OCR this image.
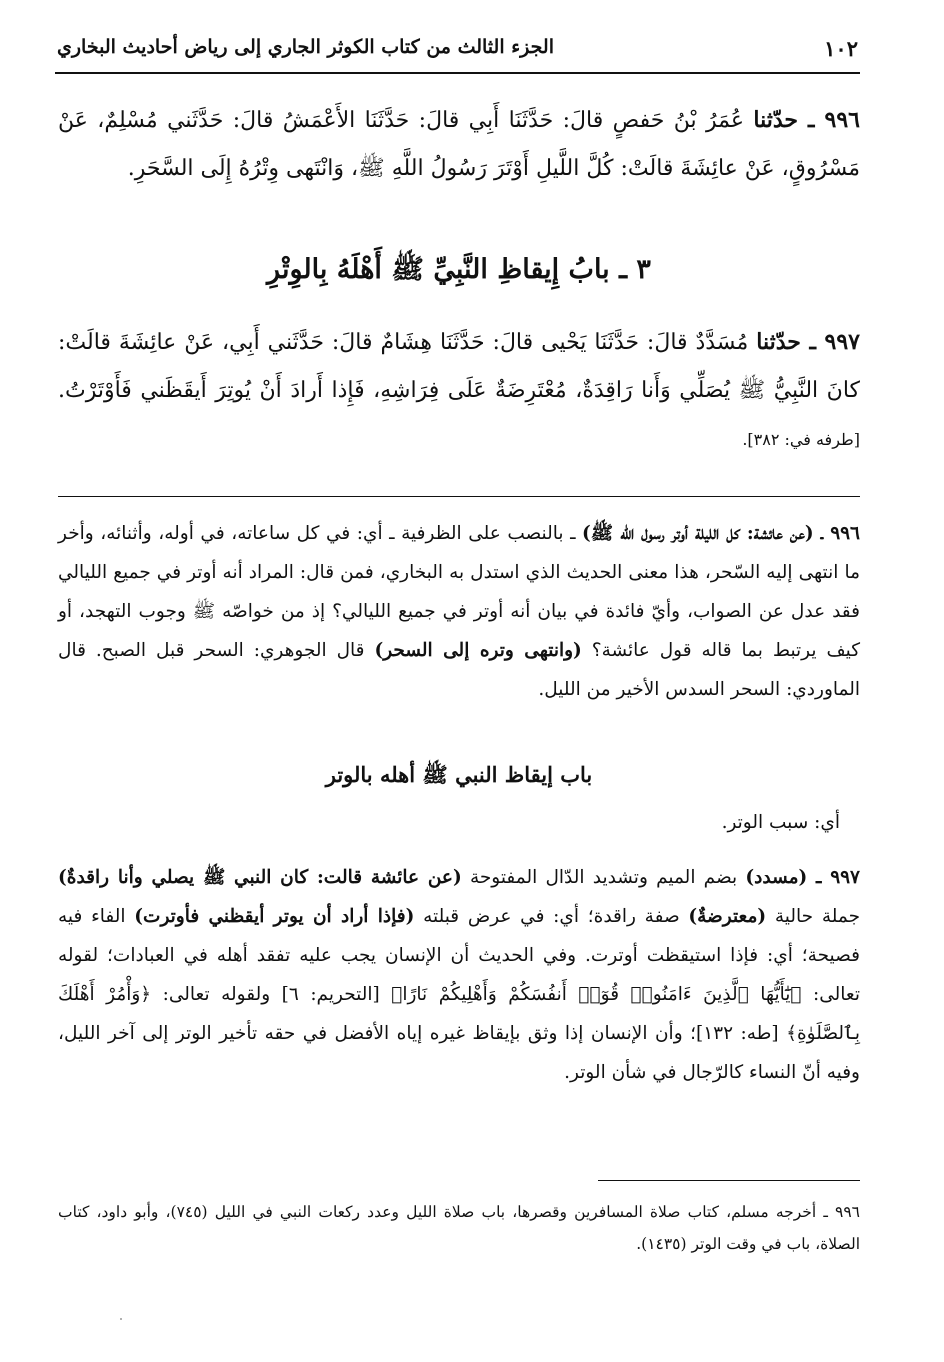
١٠٢
الجزء الثالث من كتاب الكوثر الجاري إلى رياض أحاديث البخاري
٩٩٦ ـ حدّثنا عُمَرُ بْنُ حَفصٍ قالَ: حَدَّثَنَا أَبِي قالَ: حَدَّثَنَا الأَعْمَشُ قالَ: حَدَّثَني مُسْلِمٌ، عَنْ مَسْرُوقٍ، عَنْ عائِشَةَ قالَتْ: كُلَّ اللَّيلِ أَوْتَرَ رَسُولُ اللَّهِ ﷺ، وَانْتَهى وِتْرُهُ إِلَى السَّحَرِ.
٣ ـ بابُ إِيقاظِ النَّبِيِّ ﷺ أَهْلَهُ بِالوِتْرِ
٩٩٧ ـ حدّثنا مُسَدَّدٌ قالَ: حَدَّثَنَا يَحْيى قالَ: حَدَّثَنَا هِشَامٌ قالَ: حَدَّثَني أَبِي، عَنْ عائِشَةَ قالَتْ: كانَ النَّبِيُّ ﷺ يُصَلِّي وَأَنا رَاقِدَةٌ، مُعْتَرِضَةٌ عَلَى فِرَاشِهِ، فَإِذا أَرادَ أَنْ يُوتِرَ أَيقَظَني فَأَوْتَرْتُ. [طرفه في: ٣٨٢].
٩٩٦ ـ (عن عائشة: كل الليلة أوتر رسول الله ﷺ) ـ بالنصب على الظرفية ـ أي: في كل ساعاته، في أوله، وأثنائه، وأخر ما انتهى إليه السّحر، هذا معنى الحديث الذي استدل به البخاري، فمن قال: المراد أنه أوتر في جميع الليالي فقد عدل عن الصواب، وأيّ فائدة في بيان أنه أوتر في جميع الليالي؟ إذ من خواصّه ﷺ وجوب التهجد، أو كيف يرتبط بما قاله قول عائشة؟ (وانتهى وتره إلى السحر) قال الجوهري: السحر قبل الصبح. قال الماوردي: السحر السدس الأخير من الليل.
باب إيقاظ النبي ﷺ أهله بالوتر
أي: سبب الوتر.
٩٩٧ ـ (مسدد) بضم الميم وتشديد الدّال المفتوحة (عن عائشة قالت: كان النبي ﷺ يصلي وأنا راقدةٌ) جملة حالية (معترضةٌ) صفة راقدة؛ أي: في عرض قبلته (فإذا أراد أن يوتر أيقظني فأوترت) الفاء فيه فصيحة؛ أي: فإذا استيقظت أوترت. وفي الحديث أن الإنسان يجب عليه تفقد أهله في العبادات؛ لقوله تعالى: ﴿يَٰٓأَيُّهَا ٱلَّذِينَ ءَامَنُوا۟ قُوٓا۟ أَنفُسَكُمْ وَأَهْلِيكُمْ نَارًا﴾ [التحريم: ٦] ولقوله تعالى: ﴿وَأْمُرْ أَهْلَكَ بِٱلصَّلَوٰةِ﴾ [طه: ١٣٢]؛ وأن الإنسان إذا وثق بإيقاظ غيره إياه الأفضل في حقه تأخير الوتر إلى آخر الليل، وفيه أنّ النساء كالرّجال في شأن الوتر.
٩٩٦ ـ أخرجه مسلم، كتاب صلاة المسافرين وقصرها، باب صلاة الليل وعدد ركعات النبي في الليل (٧٤٥)، وأبو داود، كتاب الصلاة، باب في وقت الوتر (١٤٣٥).
